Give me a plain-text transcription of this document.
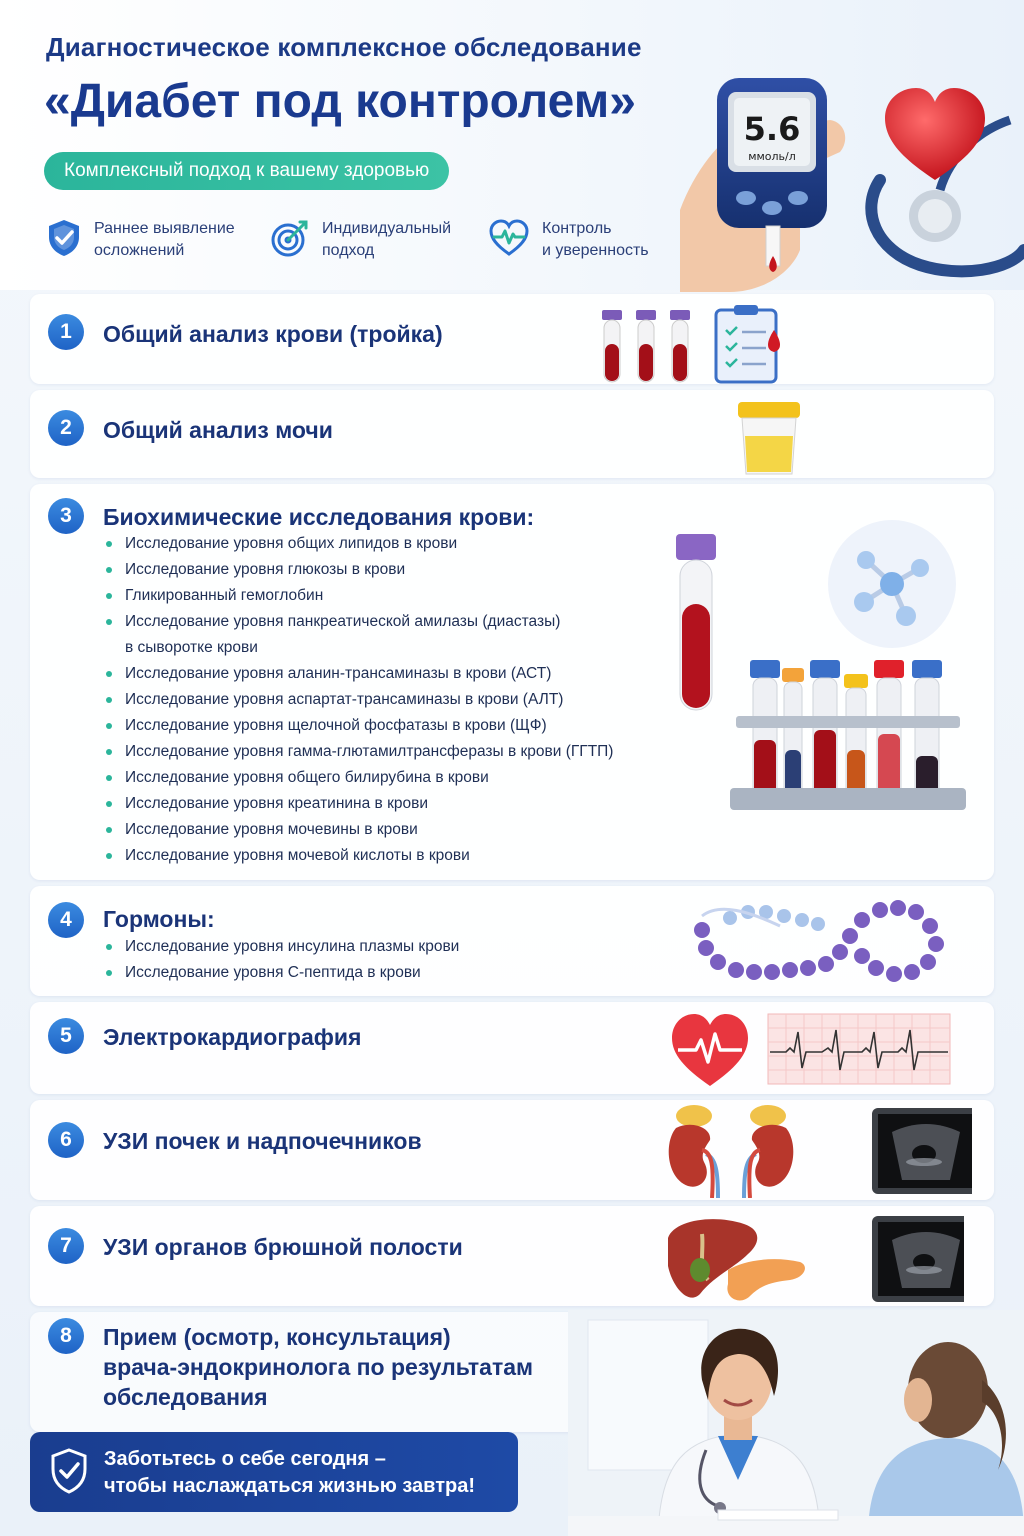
Диагностическое комплексное обследование
«Диабет под контролем»
Комплексный подход к вашему здоровью
Раннее выявление
осложнений
Индивидуальный
подход
Контроль
и уверенность
5.6
ммоль/л
1	Общий анализ крови (тройка)
2	Общий анализ мочи
3	Биохимические исследования крови:
Исследование уровня общих липидов в крови
Исследование уровня глюкозы в крови
Гликированный гемоглобин
Исследование уровня панкреатической амилазы (диастазы)
в сыворотке крови
Исследование уровня аланин-трансаминазы в крови (АСТ)
Исследование уровня аспартат-трансаминазы в крови (АЛТ)
Исследование уровня щелочной фосфатазы в крови (ЩФ)
Исследование уровня гамма-глютамилтрансферазы в крови (ГГТП)
Исследование уровня общего билирубина в крови
Исследование уровня креатинина в крови
Исследование уровня мочевины в крови
Исследование уровня мочевой кислоты в крови
4	Гормоны:
Исследование уровня инсулина плазмы крови
Исследование уровня С-пептида в крови
5	Электрокардиография
6	УЗИ почек и надпочечников
7	УЗИ органов брюшной полости
8	Прием (осмотр, консультация)
врача-эндокринолога по результатам
обследования
Заботьтесь о себе сегодня –
чтобы наслаждаться жизнью завтра!
